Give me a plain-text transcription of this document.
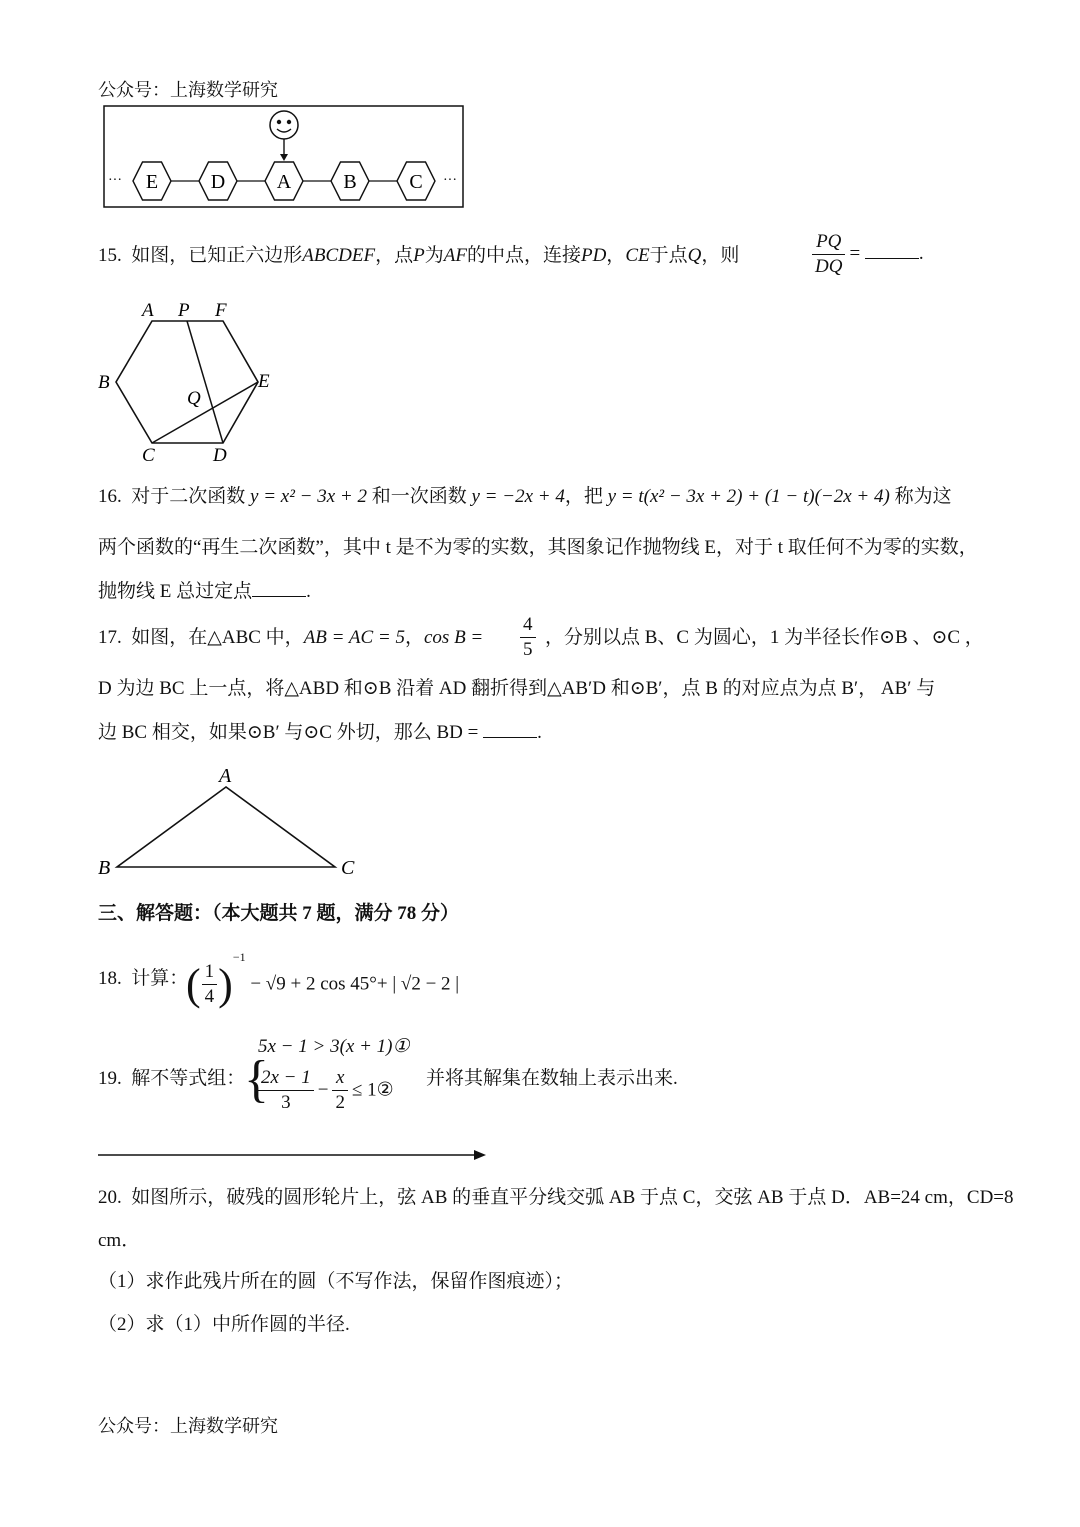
公众号：上海数学研究
E	D	A	B	C
···	···
15. 如图，已知正六边形ABCDEF，点P为AF的中点，连接PD，CE于点Q，则	$\frac{PQ}{DQ}$ =	.
A P F
B	E
Q
C	D
16. 对于二次函数 y = x² − 3x + 2 和一次函数 y = −2x + 4，把 y = t(x² − 3x + 2) + (1 − t)(−2x + 4) 称为这
两个函数的“再生二次函数”，其中 t 是不为零的实数，其图象记作抛物线 E，对于 t 取任何不为零的实数，
抛物线 E 总过定点	.
17. 如图，在△ABC 中，AB = AC = 5，$\cos B = \frac{4}{5}$ ，分别以点 B、C 为圆心，1 为半径长作⊙B 、⊙C ，
D 为边 BC 上一点，将△ABD 和⊙B 沿着 AD 翻折得到△AB′D 和⊙B′，点 B 的对应点为点 B′， AB′ 与
边 BC 相交，如果⊙B′ 与⊙C 外切，那么 BD =	.
A
B	C
三、解答题：（本大题共 7 题，满分 78 分）
18. 计算：
( $\frac{1}{4} )^{-1} - √9 + 2$ cos 45°+ | √2 − 2 |
19. 解不等式组：
{
5x − 1 > 3(x + 1)①
$\frac{2x - 1}{3} - \frac{x}{2}$ ≤ 1②
并将其解集在数轴上表示出来.
20. 如图所示，破残的圆形轮片上，弦 AB 的垂直平分线交弧 AB 于点 C，交弦 AB 于点 D．AB=24 cm，CD=8
cm．
（1）求作此残片所在的圆（不写作法，保留作图痕迹）；
（2）求（1）中所作圆的半径.
公众号：上海数学研究
